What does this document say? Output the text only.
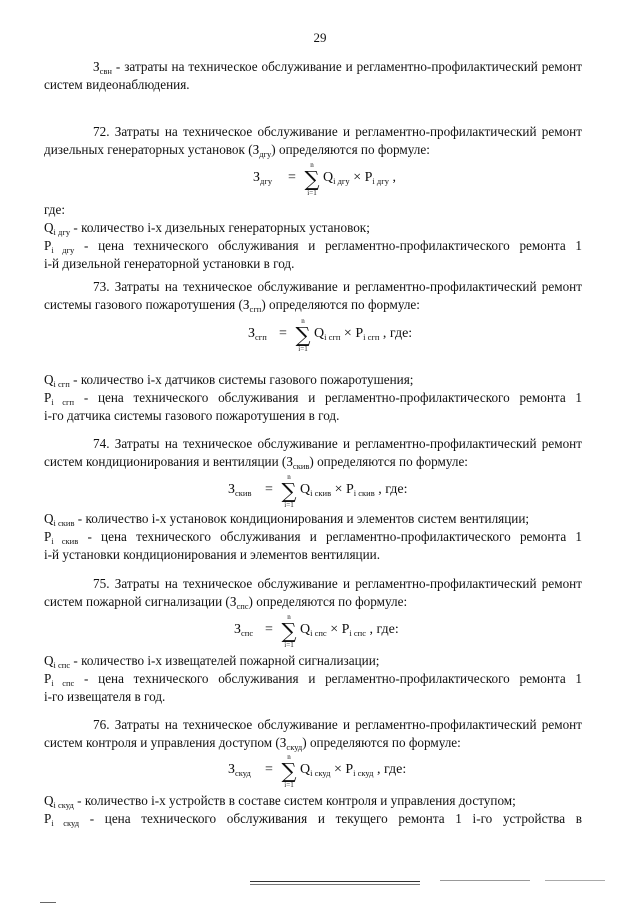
29
$З_{свн}$ - затраты на техническое обслуживание и регламентно-профилактический ремонт
систем видеонаблюдения.
72. Затраты на техническое обслуживание и регламентно-профилактический ремонт
дизельных генераторных установок $(З_{дгу})$ определяются по формуле:
$З_{дгу}$ =
n
∑
i=1
$Q_{i дгу} \times P_{i дгу}$ ,
где:
$Q_{i дгу}$ - количество i-х дизельных генераторных установок;
$P_{i дгу}$ - цена технического обслуживания и регламентно-профилактического ремонта 1
i-й дизельной генераторной установки в год.
73. Затраты на техническое обслуживание и регламентно-профилактический ремонт
системы газового пожаротушения $(З_{сгп})$ определяются по формуле:
$З_{сгп}$ =
n
∑
i=1
$Q_{i сгп} \times P_{i сгп}$ , где:
$Q_{i сгп}$ - количество i-х датчиков системы газового пожаротушения;
$P_{i сгп}$ - цена технического обслуживания и регламентно-профилактического ремонта 1
i-го датчика системы газового пожаротушения в год.
74. Затраты на техническое обслуживание и регламентно-профилактический ремонт
систем кондиционирования и вентиляции $(З_{скив})$ определяются по формуле:
$З_{скив}$ =
n
∑
i=1
$Q_{i скив} \times P_{i скив}$ , где:
$Q_{i скив}$ - количество i-х установок кондиционирования и элементов систем вентиляции;
$P_{i скив}$ - цена технического обслуживания и регламентно-профилактического ремонта 1
i-й установки кондиционирования и элементов вентиляции.
75. Затраты на техническое обслуживание и регламентно-профилактический ремонт
систем пожарной сигнализации $(З_{спс})$ определяются по формуле:
$З_{спс}$ =
n
∑
i=1
$Q_{i спс} \times P_{i спс}$ , где:
$Q_{i спс}$ - количество i-х извещателей пожарной сигнализации;
$P_{i спс}$ - цена технического обслуживания и регламентно-профилактического ремонта 1
i-го извещателя в год.
76. Затраты на техническое обслуживание и регламентно-профилактический ремонт
систем контроля и управления доступом $(З_{скуд})$ определяются по формуле:
$З_{скуд}$ =
n
∑
i=1
$Q_{i скуд} \times P_{i скуд}$ , где:
$Q_{i скуд}$ - количество i-х устройств в составе систем контроля и управления доступом;
$P_{i скуд}$ - цена технического обслуживания и текущего ремонта 1 i-го устройства в
